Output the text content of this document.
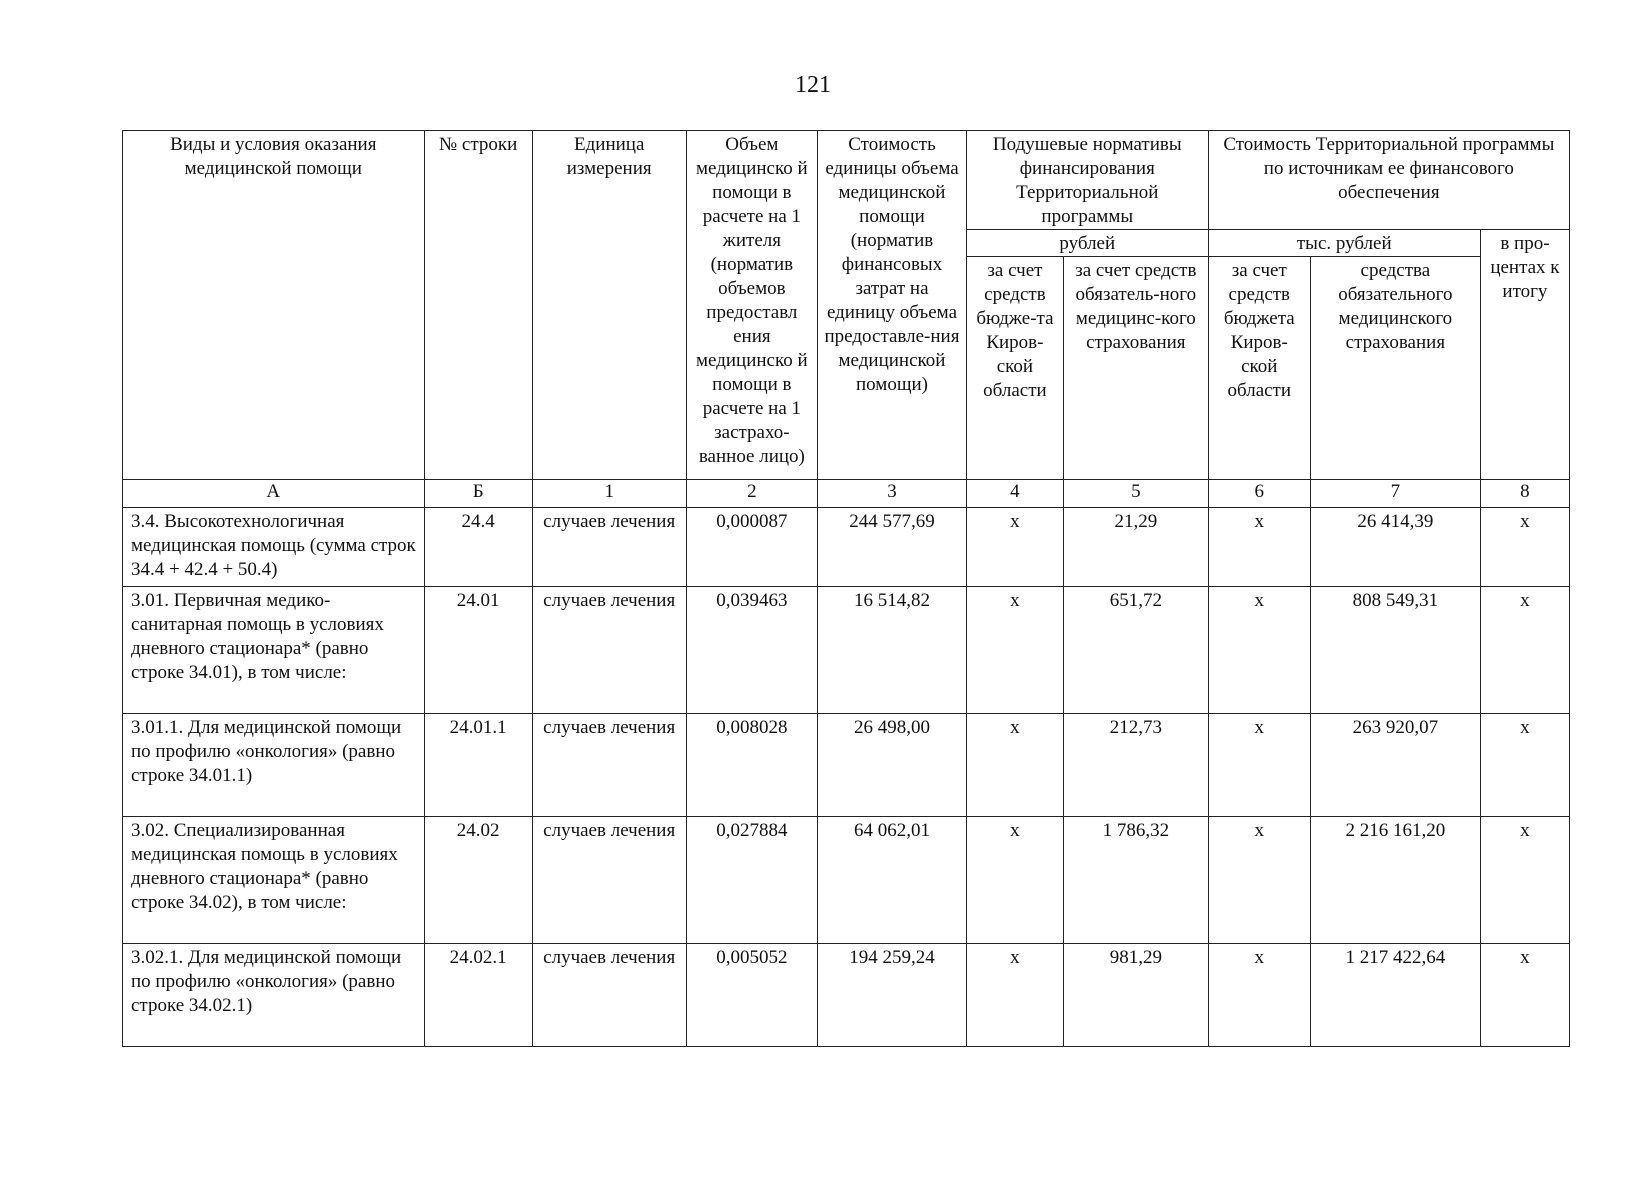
121
Виды и условия оказания медицинской помощи	№ строки	Единица измерения	Объем медицинско й помощи в расчете на 1 жителя (норматив объемов предоставл ения медицинско й помощи в расчете на 1 застрахо-ванное лицо)	Стоимость единицы объема медицинской помощи (норматив финансовых затрат на единицу объема предоставле-ния медицинской помощи)	Подушевые нормативы финансирования Территориальной программы		Стоимость Территориальной программы по источникам ее финансового обеспечения		
					рублей		тыс. рублей		в про-центах к итогу
					за счет средств бюдже-та Киров-ской области	за счет средств обязатель-ного медицинс-кого страхования	за счет средств бюджета Киров-ской области	средства обязательного медицинского страхования	
А	Б	1	2	3	4	5	6	7	8
3.4. Высокотехнологичная медицинская помощь (сумма строк 34.4 + 42.4 + 50.4)	24.4	случаев лечения	0,000087	244 577,69	х	21,29	х	26 414,39	х
3.01. Первичная медико-санитарная помощь в условиях дневного стационара* (равно строке 34.01), в том числе:	24.01	случаев лечения	0,039463	16 514,82	х	651,72	х	808 549,31	х
3.01.1. Для медицинской помощи по профилю «онкология» (равно строке 34.01.1)	24.01.1	случаев лечения	0,008028	26 498,00	х	212,73	х	263 920,07	х
3.02. Специализированная медицинская помощь в условиях дневного стационара* (равно строке 34.02), в том числе:	24.02	случаев лечения	0,027884	64 062,01	х	1 786,32	х	2 216 161,20	х
3.02.1. Для медицинской помощи по профилю «онкология» (равно строке 34.02.1)	24.02.1	случаев лечения	0,005052	194 259,24	х	981,29	х	1 217 422,64	х
